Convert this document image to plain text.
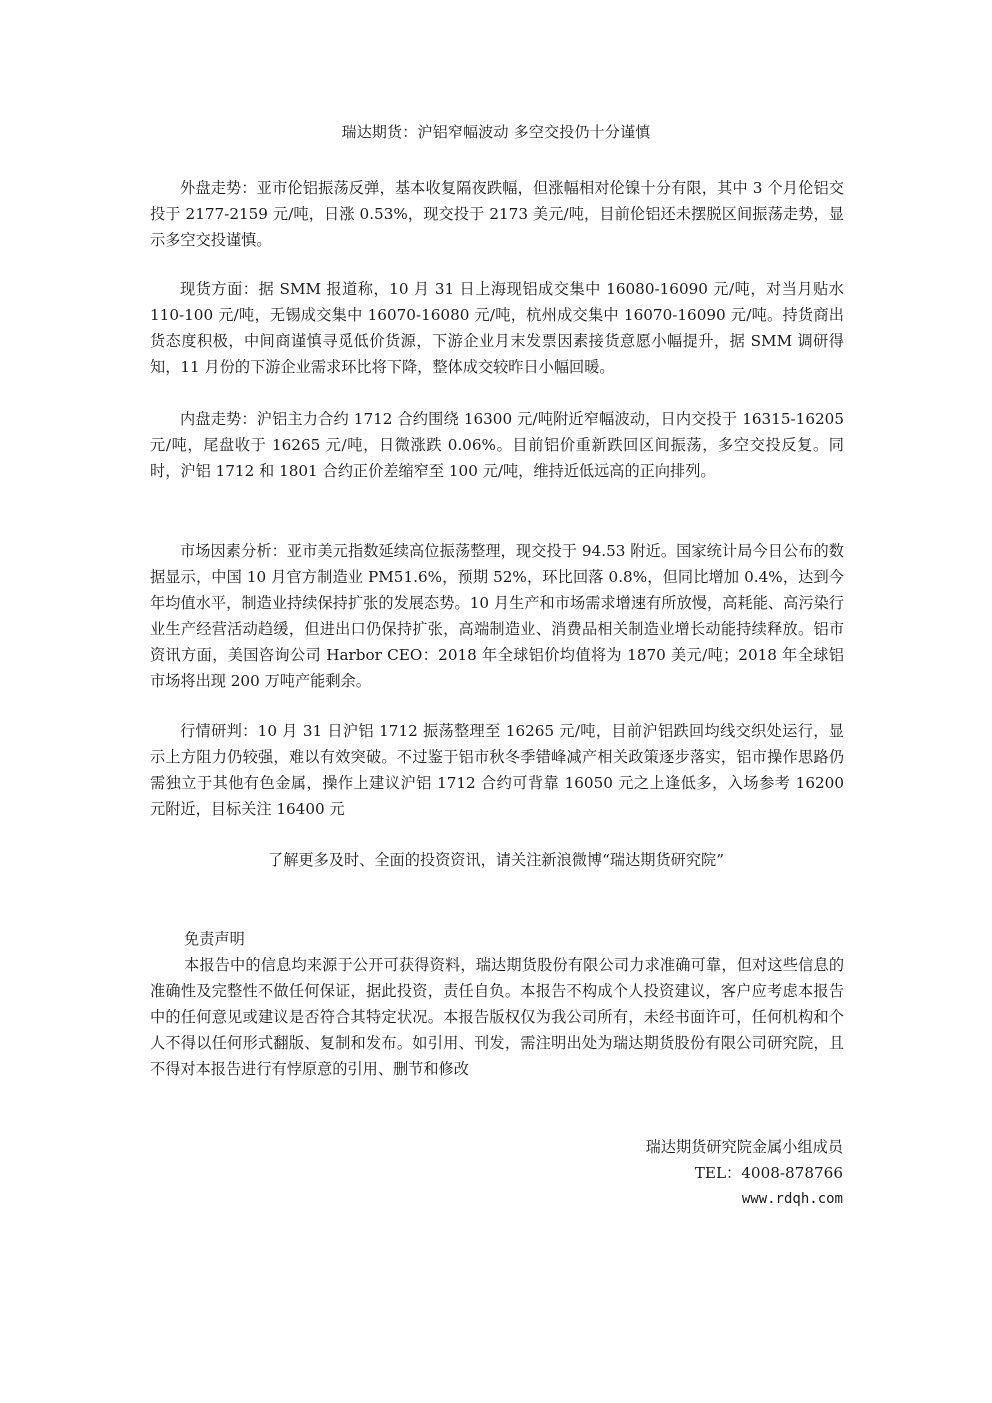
瑞达期货：沪铝窄幅波动 多空交投仍十分谨慎

外盘走势：亚市伦铝振荡反弹，基本收复隔夜跌幅，但涨幅相对伦镍十分有限，其中 3 个月伦铝交投于 2177-2159 元/吨，日涨 0.53%，现交投于 2173 美元/吨，目前伦铝还未摆脱区间振荡走势，显示多空交投谨慎。

现货方面：据 SMM 报道称，10 月 31 日上海现铝成交集中 16080-16090 元/吨，对当月贴水 110-100 元/吨，无锡成交集中 16070-16080 元/吨，杭州成交集中 16070-16090 元/吨。持货商出货态度积极，中间商谨慎寻觅低价货源，下游企业月末发票因素接货意愿小幅提升，据 SMM 调研得知，11 月份的下游企业需求环比将下降，整体成交较昨日小幅回暖。

内盘走势：沪铝主力合约 1712 合约围绕 16300 元/吨附近窄幅波动，日内交投于 16315-16205 元/吨，尾盘收于 16265 元/吨，日微涨跌 0.06%。目前铝价重新跌回区间振荡，多空交投反复。同时，沪铝 1712 和 1801 合约正价差缩窄至 100 元/吨，维持近低远高的正向排列。

市场因素分析：亚市美元指数延续高位振荡整理，现交投于 94.53 附近。国家统计局今日公布的数据显示，中国 10 月官方制造业 PM51.6%，预期 52%，环比回落 0.8%，但同比增加 0.4%，达到今年均值水平，制造业持续保持扩张的发展态势。10 月生产和市场需求增速有所放慢，高耗能、高污染行业生产经营活动趋缓，但进出口仍保持扩张，高端制造业、消费品相关制造业增长动能持续释放。铝市资讯方面，美国咨询公司 Harbor CEO：2018 年全球铝价均值将为 1870 美元/吨；2018 年全球铝市场将出现 200 万吨产能剩余。

行情研判：10 月 31 日沪铝 1712 振荡整理至 16265 元/吨，目前沪铝跌回均线交织处运行，显示上方阻力仍较强，难以有效突破。不过鉴于铝市秋冬季错峰减产相关政策逐步落实，铝市操作思路仍需独立于其他有色金属，操作上建议沪铝 1712 合约可背靠 16050 元之上逢低多，入场参考 16200 元附近，目标关注 16400 元

了解更多及时、全面的投资资讯，请关注新浪微博“瑞达期货研究院”
免责声明

本报告中的信息均来源于公开可获得资料，瑞达期货股份有限公司力求准确可靠，但对这些信息的准确性及完整性不做任何保证，据此投资，责任自负。本报告不构成个人投资建议，客户应考虑本报告中的任何意见或建议是否符合其特定状况。本报告版权仅为我公司所有，未经书面许可，任何机构和个人不得以任何形式翻版、复制和发布。如引用、刊发，需注明出处为瑞达期货股份有限公司研究院，且不得对本报告进行有悖原意的引用、删节和修改

瑞达期货研究院金属小组成员
TEL：4008-878766
www.rdqh.com
